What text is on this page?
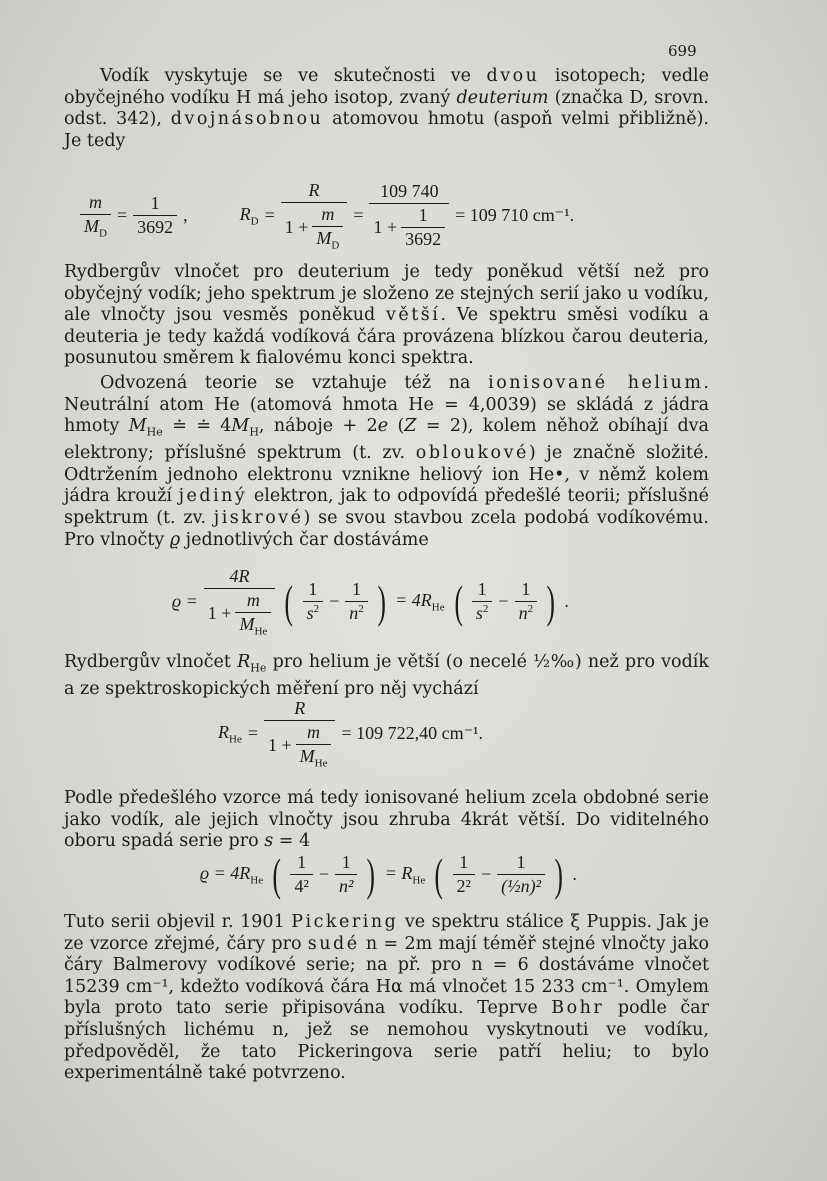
699

Vodík vyskytuje se ve skutečnosti ve dvou isotopech; vedle obyčejného vodíku H má jeho isotop, zvaný deuterium (značka D, srovn. odst. 342), dvojnásobnou atomovou hmotu (aspoň velmi přibližně). Je tedy

$\frac{m}{M_D} = \frac{1}{3692}$ ,	$R_D = \frac{R}{1 + \frac{m}{M_D}} = \frac{109 740}{1 + \frac{1}{3692}} = 109$ 710 cm⁻¹.

Rydbergův vlnočet pro deuterium je tedy poněkud větší než pro obyčejný vodík; jeho spektrum je složeno ze stejných serií jako u vodíku, ale vlnočty jsou vesměs poněkud větší. Ve spektru směsi vodíku a deuteria je tedy každá vodíková čára provázena blízkou čarou deuteria, posunutou směrem k fialovému konci spektra.

Odvozená teorie se vztahuje též na ionisované helium. Neutrální atom He (atomová hmota He = 4,0039) se skládá z jádra hmoty $M_{He}$ ≐ ≐ $4M_H$, náboje + 2e (Z = 2), kolem něhož obíhají dva elektrony; příslušné spektrum (t. zv. obloukové) je značně složité. Odtržením jednoho elektronu vznikne heliový ion He•, v němž kolem jádra krouží jediný elektron, jak to odpovídá předešlé teorii; příslušné spektrum (t. zv. jiskrové) se svou stavbou zcela podobá vodíkovému. Pro vlnočty ϱ jednotlivých čar dostáváme

$ϱ = \frac{4R}{1 + \frac{m}{M_{He}}}$ ( $\frac{1}{s^2} - \frac{1}{n^2}$ ) = $4R_{He}$ ( $\frac{1}{s^2} - \frac{1}{n^2}$ ) .

Rydbergův vlnočet $R_{He}$ pro helium je větší (o necelé ½‰) než pro vodík a ze spektroskopických měření pro něj vychází

$R_{He} = \frac{R}{1 + \frac{m}{M_{He}}} = 109$ 722,40 cm⁻¹.

Podle předešlého vzorce má tedy ionisované helium zcela obdobné serie jako vodík, ale jejich vlnočty jsou zhruba 4krát větší. Do viditelného oboru spadá serie pro s = 4

$ϱ = 4R_{He}$ ( $\frac{1}{\text{4²}} - \frac{1}{\text{n²}}$ ) = $R_{He}$ ( $\frac{1}{\text{2²}} - \frac{1}{\text{(½n)²}}$ ) .

Tuto serii objevil r. 1901 Pickering ve spektru stálice ξ Puppis. Jak je ze vzorce zřejmé, čáry pro sudé n = 2m mají téměř stejné vlnočty jako čáry Balmerovy vodíkové serie; na př. pro n = 6 dostáváme vlnočet 15239 cm⁻¹, kdežto vodíková čára Hα má vlnočet 15 233 cm⁻¹. Omylem byla proto tato serie připisována vodíku. Teprve Bohr podle čar příslušných lichému n, jež se nemohou vyskytnouti ve vodíku, předpověděl, že tato Pickeringova serie patří heliu; to bylo experimentálně také potvrzeno.
